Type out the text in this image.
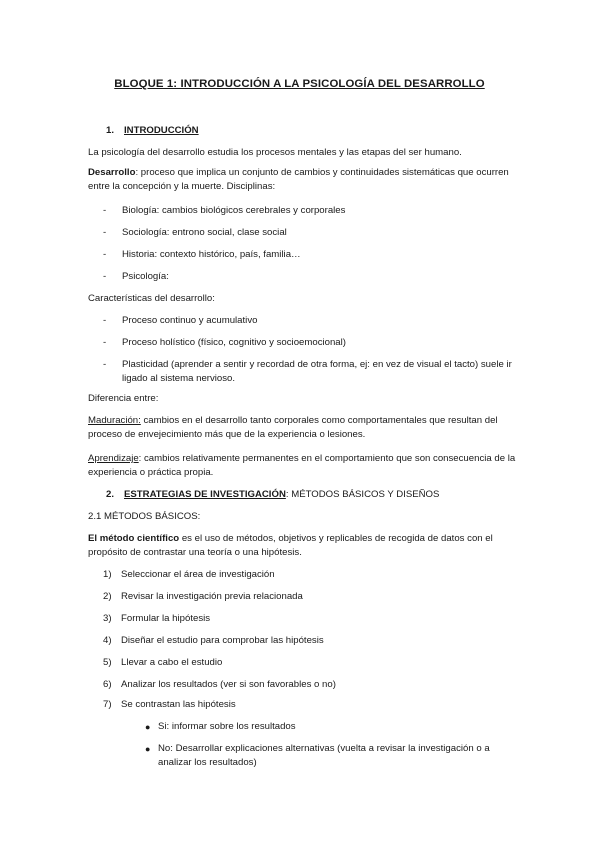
BLOQUE 1: INTRODUCCIÓN A LA PSICOLOGÍA DEL DESARROLLO
1. INTRODUCCIÓN
La psicología del desarrollo estudia los procesos mentales y las etapas del ser humano.
Desarrollo: proceso que implica un conjunto de cambios y continuidades sistemáticas que ocurren entre la concepción y la muerte. Disciplinas:
-	Biología: cambios biológicos cerebrales y corporales
-	Sociología: entrono social, clase social
-	Historia: contexto histórico, país, familia…
-	Psicología:
Características del desarrollo:
-	Proceso continuo y acumulativo
-	Proceso holístico (físico, cognitivo y socioemocional)
-	Plasticidad (aprender a sentir y recordad de otra forma, ej: en vez de visual el tacto) suele ir ligado al sistema nervioso.
Diferencia entre:
Maduración: cambios en el desarrollo tanto corporales como comportamentales que resultan del proceso de envejecimiento más que de la experiencia o lesiones.
Aprendizaje: cambios relativamente permanentes en el comportamiento que son consecuencia de la experiencia o práctica propia.
2. ESTRATEGIAS DE INVESTIGACIÓN: MÉTODOS BÁSICOS Y DISEÑOS
2.1 MÉTODOS BÁSICOS:
El método científico es el uso de métodos, objetivos y replicables de recogida de datos con el propósito de contrastar una teoría o una hipótesis.
1) Seleccionar el área de investigación
2) Revisar la investigación previa relacionada
3) Formular la hipótesis
4) Diseñar el estudio para comprobar las hipótesis
5) Llevar a cabo el estudio
6) Analizar los resultados (ver si son favorables o no)
7) Se contrastan las hipótesis
● Si: informar sobre los resultados
● No: Desarrollar explicaciones alternativas (vuelta a revisar la investigación o a analizar los resultados)
